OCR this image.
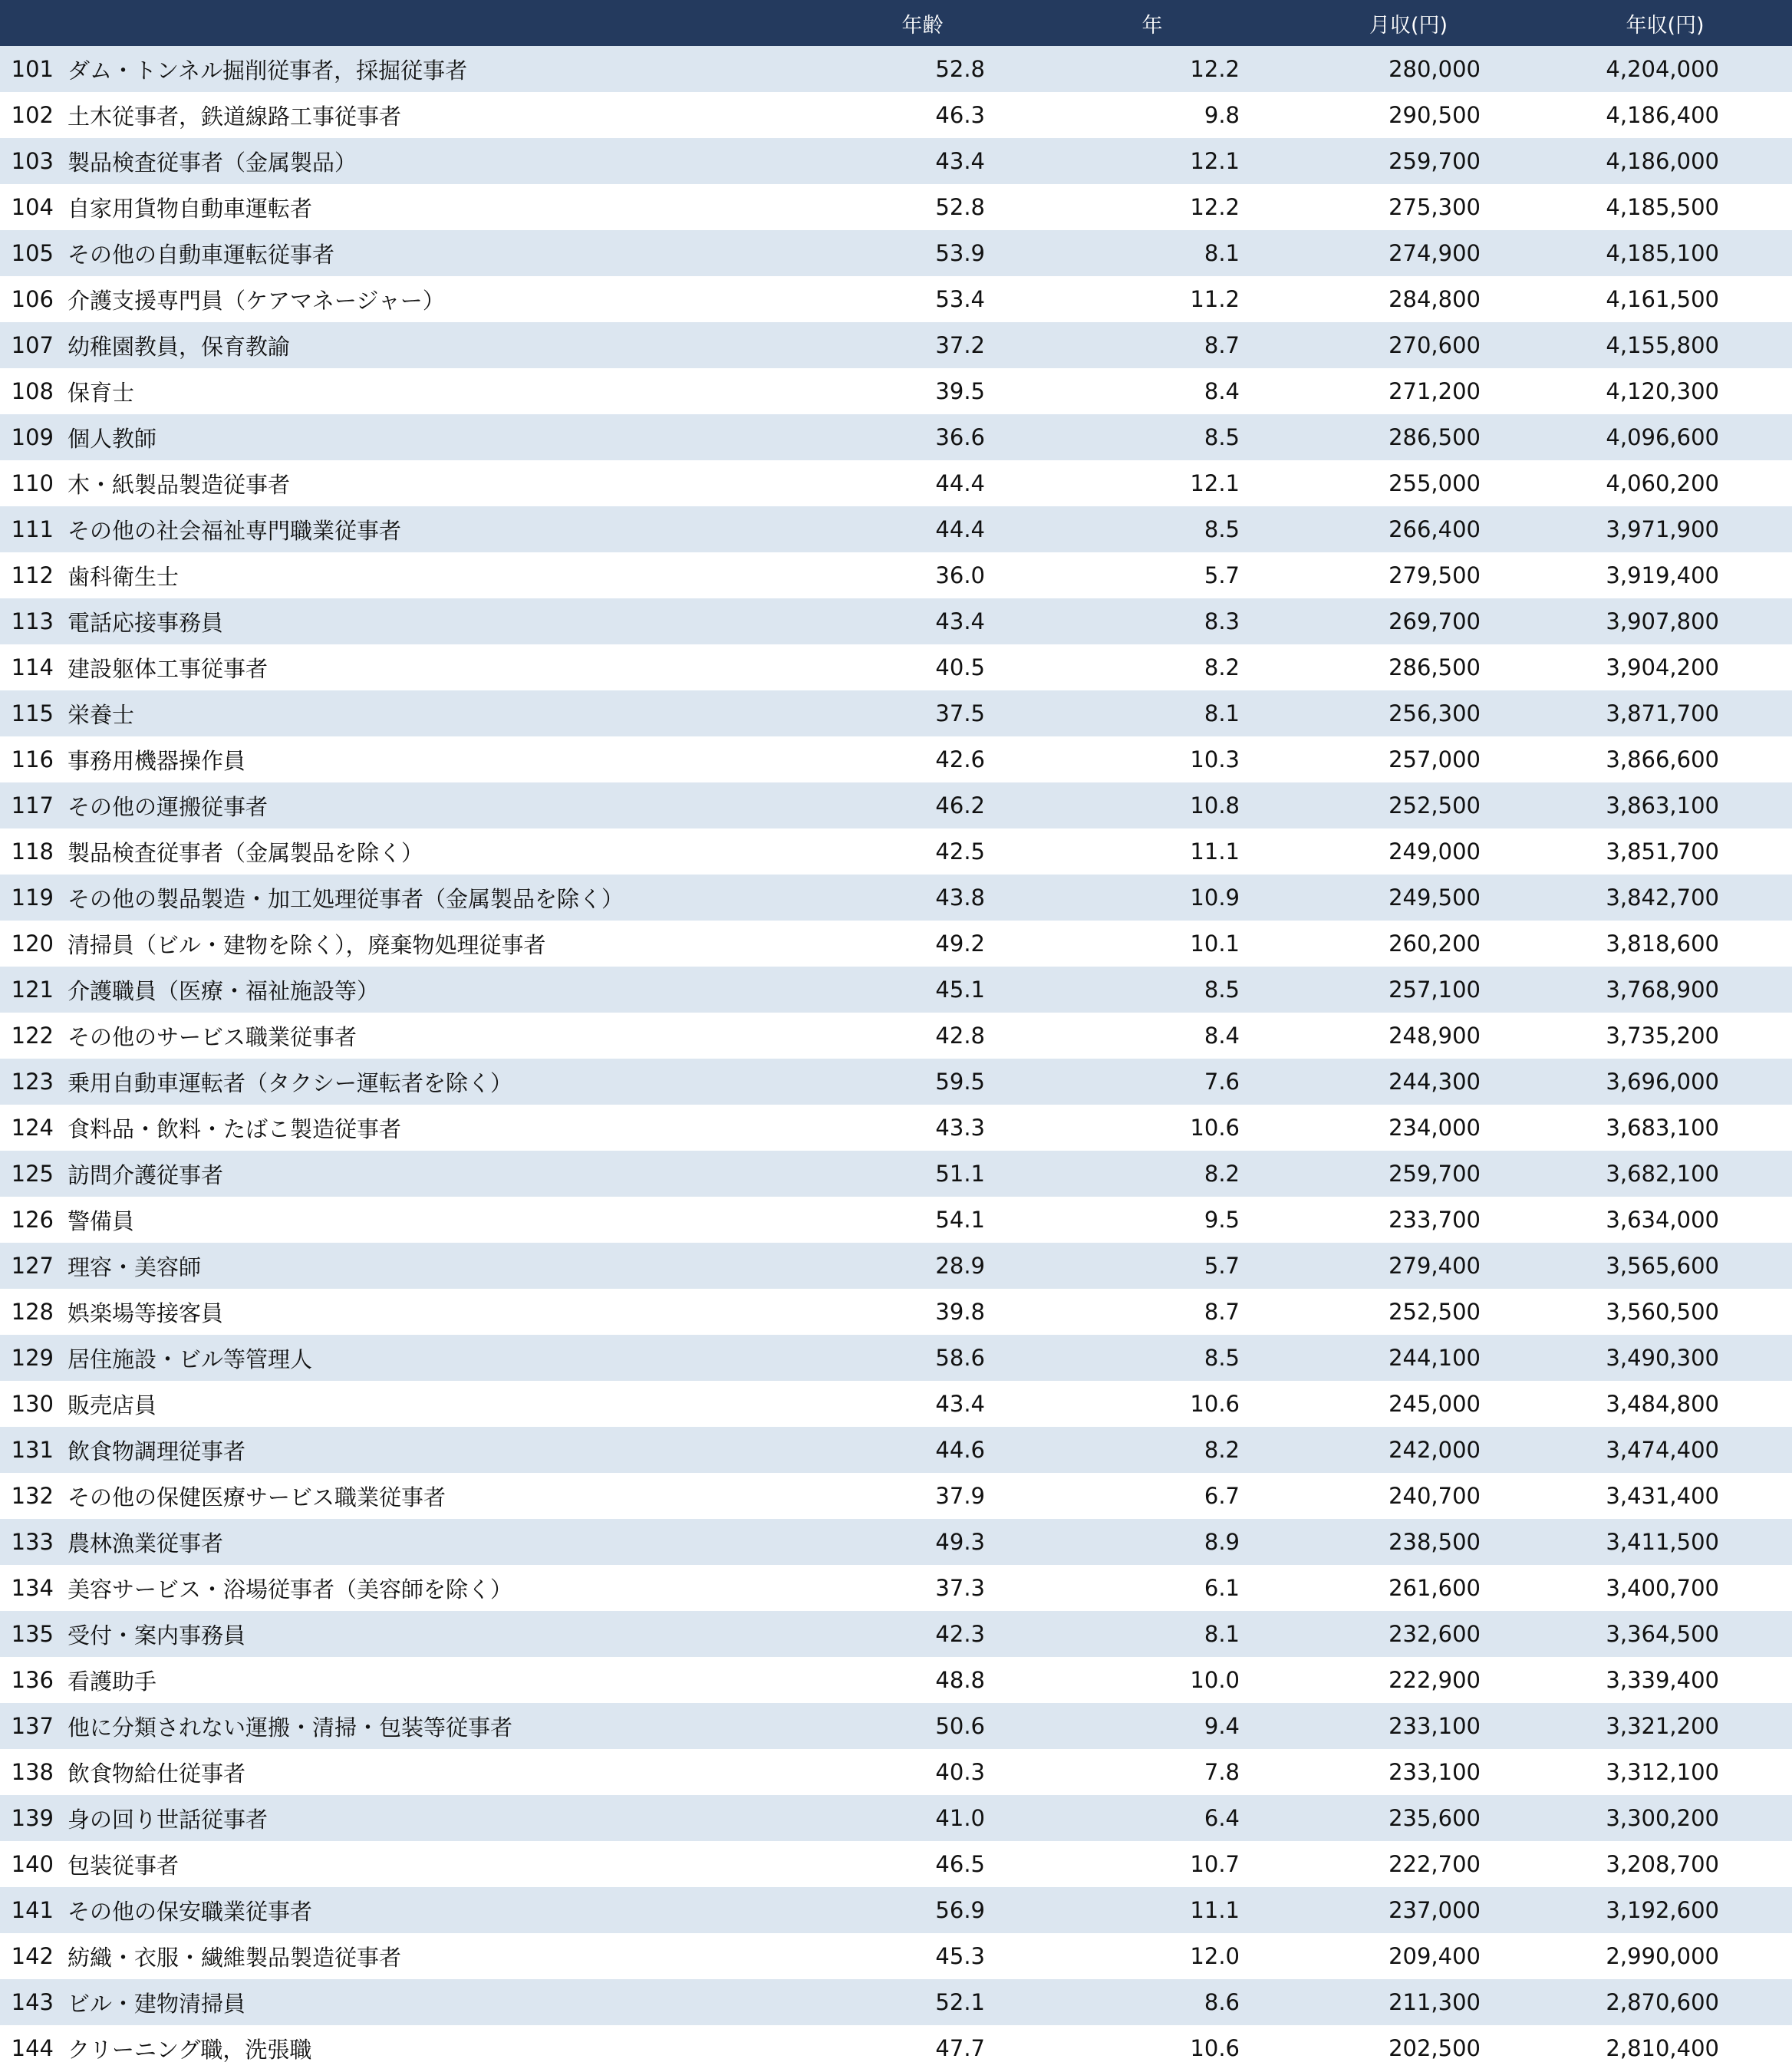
		年齢	年	月収(円)	年収(円)
101	ダム・トンネル掘削従事者，採掘従事者	52.8	12.2	280,000	4,204,000
102	土木従事者，鉄道線路工事従事者	46.3	9.8	290,500	4,186,400
103	製品検査従事者（金属製品）	43.4	12.1	259,700	4,186,000
104	自家用貨物自動車運転者	52.8	12.2	275,300	4,185,500
105	その他の自動車運転従事者	53.9	8.1	274,900	4,185,100
106	介護支援専門員（ケアマネージャー）	53.4	11.2	284,800	4,161,500
107	幼稚園教員，保育教諭	37.2	8.7	270,600	4,155,800
108	保育士	39.5	8.4	271,200	4,120,300
109	個人教師	36.6	8.5	286,500	4,096,600
110	木・紙製品製造従事者	44.4	12.1	255,000	4,060,200
111	その他の社会福祉専門職業従事者	44.4	8.5	266,400	3,971,900
112	歯科衛生士	36.0	5.7	279,500	3,919,400
113	電話応接事務員	43.4	8.3	269,700	3,907,800
114	建設躯体工事従事者	40.5	8.2	286,500	3,904,200
115	栄養士	37.5	8.1	256,300	3,871,700
116	事務用機器操作員	42.6	10.3	257,000	3,866,600
117	その他の運搬従事者	46.2	10.8	252,500	3,863,100
118	製品検査従事者（金属製品を除く）	42.5	11.1	249,000	3,851,700
119	その他の製品製造・加工処理従事者（金属製品を除く）	43.8	10.9	249,500	3,842,700
120	清掃員（ビル・建物を除く），廃棄物処理従事者	49.2	10.1	260,200	3,818,600
121	介護職員（医療・福祉施設等）	45.1	8.5	257,100	3,768,900
122	その他のサービス職業従事者	42.8	8.4	248,900	3,735,200
123	乗用自動車運転者（タクシー運転者を除く）	59.5	7.6	244,300	3,696,000
124	食料品・飲料・たばこ製造従事者	43.3	10.6	234,000	3,683,100
125	訪問介護従事者	51.1	8.2	259,700	3,682,100
126	警備員	54.1	9.5	233,700	3,634,000
127	理容・美容師	28.9	5.7	279,400	3,565,600
128	娯楽場等接客員	39.8	8.7	252,500	3,560,500
129	居住施設・ビル等管理人	58.6	8.5	244,100	3,490,300
130	販売店員	43.4	10.6	245,000	3,484,800
131	飲食物調理従事者	44.6	8.2	242,000	3,474,400
132	その他の保健医療サービス職業従事者	37.9	6.7	240,700	3,431,400
133	農林漁業従事者	49.3	8.9	238,500	3,411,500
134	美容サービス・浴場従事者（美容師を除く）	37.3	6.1	261,600	3,400,700
135	受付・案内事務員	42.3	8.1	232,600	3,364,500
136	看護助手	48.8	10.0	222,900	3,339,400
137	他に分類されない運搬・清掃・包装等従事者	50.6	9.4	233,100	3,321,200
138	飲食物給仕従事者	40.3	7.8	233,100	3,312,100
139	身の回り世話従事者	41.0	6.4	235,600	3,300,200
140	包装従事者	46.5	10.7	222,700	3,208,700
141	その他の保安職業従事者	56.9	11.1	237,000	3,192,600
142	紡織・衣服・繊維製品製造従事者	45.3	12.0	209,400	2,990,000
143	ビル・建物清掃員	52.1	8.6	211,300	2,870,600
144	クリーニング職，洗張職	47.7	10.6	202,500	2,810,400
